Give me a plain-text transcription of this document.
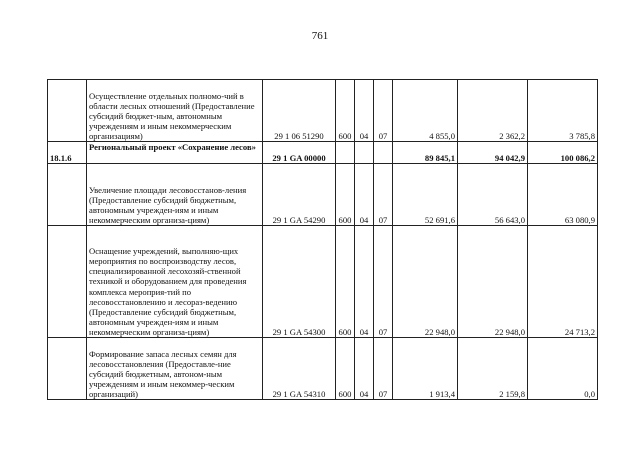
761
	Осуществление отдельных полномо-чий в области лесных отношений (Предоставление субсидий бюджет-ным, автономным учреждениям и иным некоммерческим организациям)	29 1 06 51290	600	04	07	4 855,0	2 362,2	3 785,8
18.1.6	Региональный проект «Сохранение лесов»	29 1 GA 00000				89 845,1	94 042,9	100 086,2
	Увеличение площади лесовосстанов-ления (Предоставление субсидий бюджетным, автономным учрежден-иям и иным некоммерческим организа-циям)	29 1 GA 54290	600	04	07	52 691,6	56 643,0	63 080,9
	Оснащение учреждений, выполняю-щих мероприятия по воспроизводству лесов, специализированной лесохозяй-ственной техникой и оборудованием для проведения комплекса мероприя-тий по лесовосстановлению и лесораз-ведению (Предоставление субсидий бюджетным, автономным учрежден-иям и иным некоммерческим организа-циям)	29 1 GA 54300	600	04	07	22 948,0	22 948,0	24 713,2
	Формирование запаса лесных семян для лесовосстановления (Предоставле-ние субсидий бюджетным, автоном-ным учреждениям и иным некоммер-ческим организаций)	29 1 GA 54310	600	04	07	1 913,4	2 159,8	0,0
